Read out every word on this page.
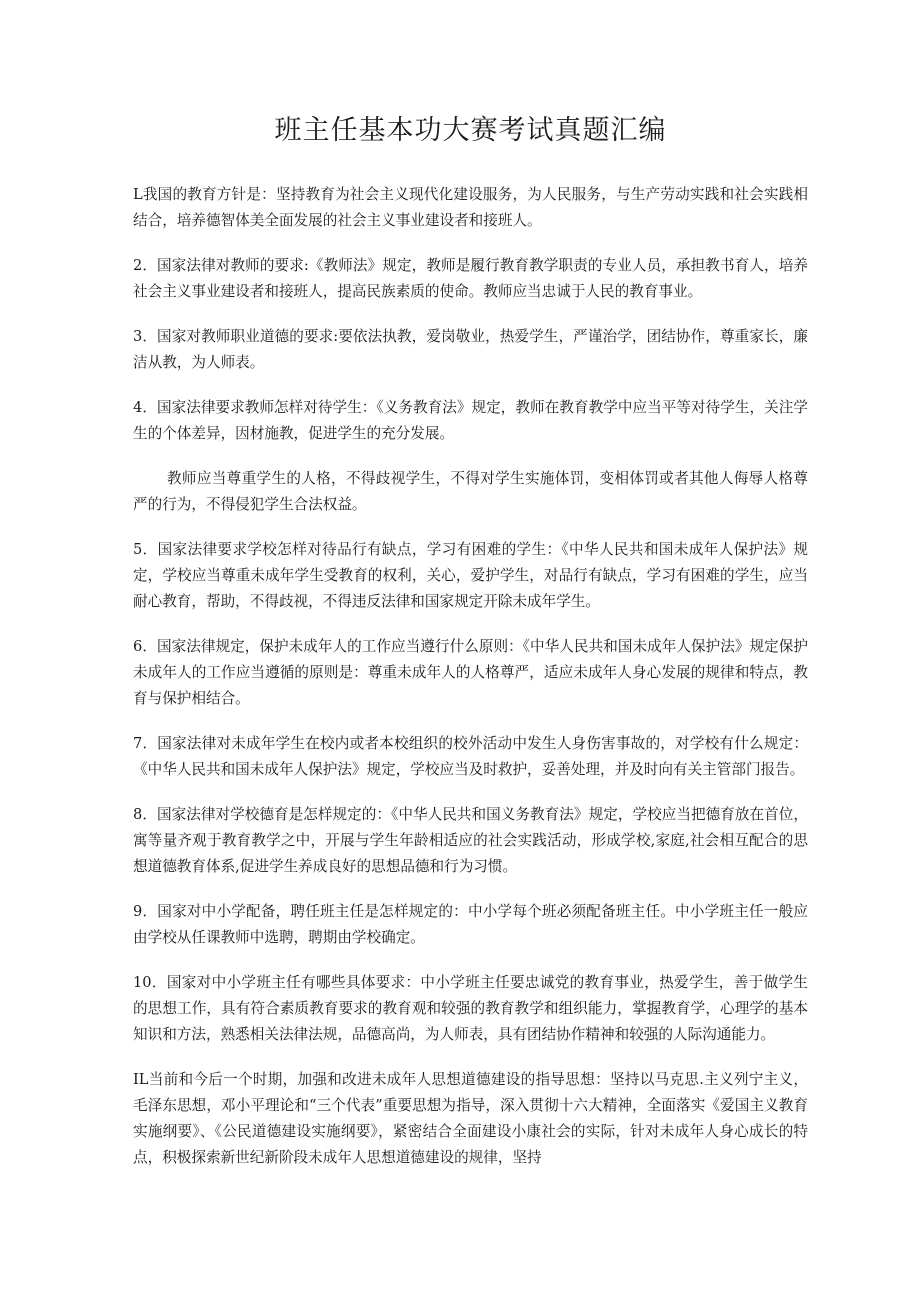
班主任基本功大赛考试真题汇编

L我国的教育方针是：坚持教育为社会主义现代化建设服务，为人民服务，与生产劳动实践和社会实践相结合，培养德智体美全面发展的社会主义事业建设者和接班人。

2．国家法律对教师的要求:《教师法》规定，教师是履行教育教学职责的专业人员，承担教书育人，培养社会主义事业建设者和接班人，提高民族素质的使命。教师应当忠诚于人民的教育事业。

3．国家对教师职业道德的要求:要依法执教，爱岗敬业，热爱学生，严谨治学，团结协作，尊重家长，廉洁从教，为人师表。

4．国家法律要求教师怎样对待学生：《义务教育法》规定，教师在教育教学中应当平等对待学生，关注学生的个体差异，因材施教，促进学生的充分发展。

教师应当尊重学生的人格，不得歧视学生，不得对学生实施体罚，变相体罚或者其他人侮辱人格尊严的行为，不得侵犯学生合法权益。

5．国家法律要求学校怎样对待品行有缺点，学习有困难的学生：《中华人民共和国未成年人保护法》规定，学校应当尊重未成年学生受教育的权利，关心，爱护学生，对品行有缺点，学习有困难的学生，应当耐心教育，帮助，不得歧视，不得违反法律和国家规定开除未成年学生。

6．国家法律规定，保护未成年人的工作应当遵行什么原则：《中华人民共和国未成年人保护法》规定保护未成年人的工作应当遵循的原则是：尊重未成年人的人格尊严，适应未成年人身心发展的规律和特点，教育与保护相结合。

7．国家法律对未成年学生在校内或者本校组织的校外活动中发生人身伤害事故的，对学校有什么规定：《中华人民共和国未成年人保护法》规定，学校应当及时救护，妥善处理，并及时向有关主管部门报告。

8．国家法律对学校德育是怎样规定的：《中华人民共和国义务教育法》规定，学校应当把德育放在首位，寓等量齐观于教育教学之中，开展与学生年龄相适应的社会实践活动，形成学校,家庭,社会相互配合的思想道德教育体系,促进学生养成良好的思想品德和行为习惯。

9．国家对中小学配备，聘任班主任是怎样规定的：中小学每个班必须配备班主任。中小学班主任一般应由学校从任课教师中选聘，聘期由学校确定。

10．国家对中小学班主任有哪些具体要求：中小学班主任要忠诚党的教育事业，热爱学生，善于做学生的思想工作，具有符合素质教育要求的教育观和较强的教育教学和组织能力，掌握教育学，心理学的基本知识和方法，熟悉相关法律法规，品德高尚，为人师表，具有团结协作精神和较强的人际沟通能力。

IL当前和今后一个时期，加强和改进未成年人思想道德建设的指导思想：坚持以马克思.主义列宁主义，毛泽东思想，邓小平理论和“三个代表”重要思想为指导，深入贯彻十六大精神，全面落实《爱国主义教育实施纲要》、《公民道德建设实施纲要》，紧密结合全面建设小康社会的实际，针对未成年人身心成长的特点，积极探索新世纪新阶段未成年人思想道德建设的规律，坚持
